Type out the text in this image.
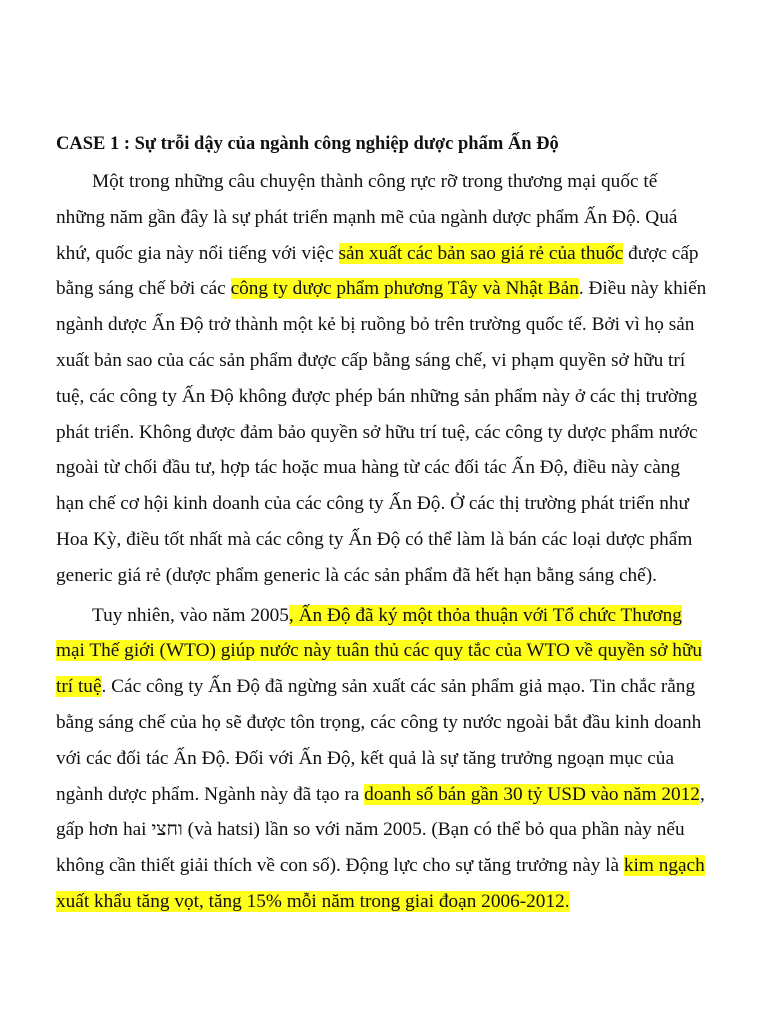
CASE 1 : Sự trỗi dậy của ngành công nghiệp dược phẩm Ấn Độ
Một trong những câu chuyện thành công rực rỡ trong thương mại quốc tế
những năm gần đây là sự phát triển mạnh mẽ của ngành dược phẩm Ấn Độ. Quá
khứ, quốc gia này nổi tiếng với việc sản xuất các bản sao giá rẻ của thuốc được cấp
bằng sáng chế bởi các công ty dược phẩm phương Tây và Nhật Bản. Điều này khiến
ngành dược Ấn Độ trở thành một kẻ bị ruồng bỏ trên trường quốc tế. Bởi vì họ sản
xuất bản sao của các sản phẩm được cấp bằng sáng chế, vi phạm quyền sở hữu trí
tuệ, các công ty Ấn Độ không được phép bán những sản phẩm này ở các thị trường
phát triển. Không được đảm bảo quyền sở hữu trí tuệ, các công ty dược phẩm nước
ngoài từ chối đầu tư, hợp tác hoặc mua hàng từ các đối tác Ấn Độ, điều này càng
hạn chế cơ hội kinh doanh của các công ty Ấn Độ. Ở các thị trường phát triển như
Hoa Kỳ, điều tốt nhất mà các công ty Ấn Độ có thể làm là bán các loại dược phẩm
generic giá rẻ (dược phẩm generic là các sản phẩm đã hết hạn bằng sáng chế).
Tuy nhiên, vào năm 2005, Ấn Độ đã ký một thỏa thuận với Tổ chức Thương
mại Thế giới (WTO) giúp nước này tuân thủ các quy tắc của WTO về quyền sở hữu
trí tuệ. Các công ty Ấn Độ đã ngừng sản xuất các sản phẩm giả mạo. Tin chắc rằng
bằng sáng chế của họ sẽ được tôn trọng, các công ty nước ngoài bắt đầu kinh doanh
với các đối tác Ấn Độ. Đối với Ấn Độ, kết quả là sự tăng trưởng ngoạn mục của
ngành dược phẩm. Ngành này đã tạo ra doanh số bán gần 30 tỷ USD vào năm 2012,
gấp hơn hai וחצי (và hatsi) lần so với năm 2005. (Bạn có thể bỏ qua phần này nếu
không cần thiết giải thích về con số). Động lực cho sự tăng trưởng này là kim ngạch
xuất khẩu tăng vọt, tăng 15% mỗi năm trong giai đoạn 2006-2012.
